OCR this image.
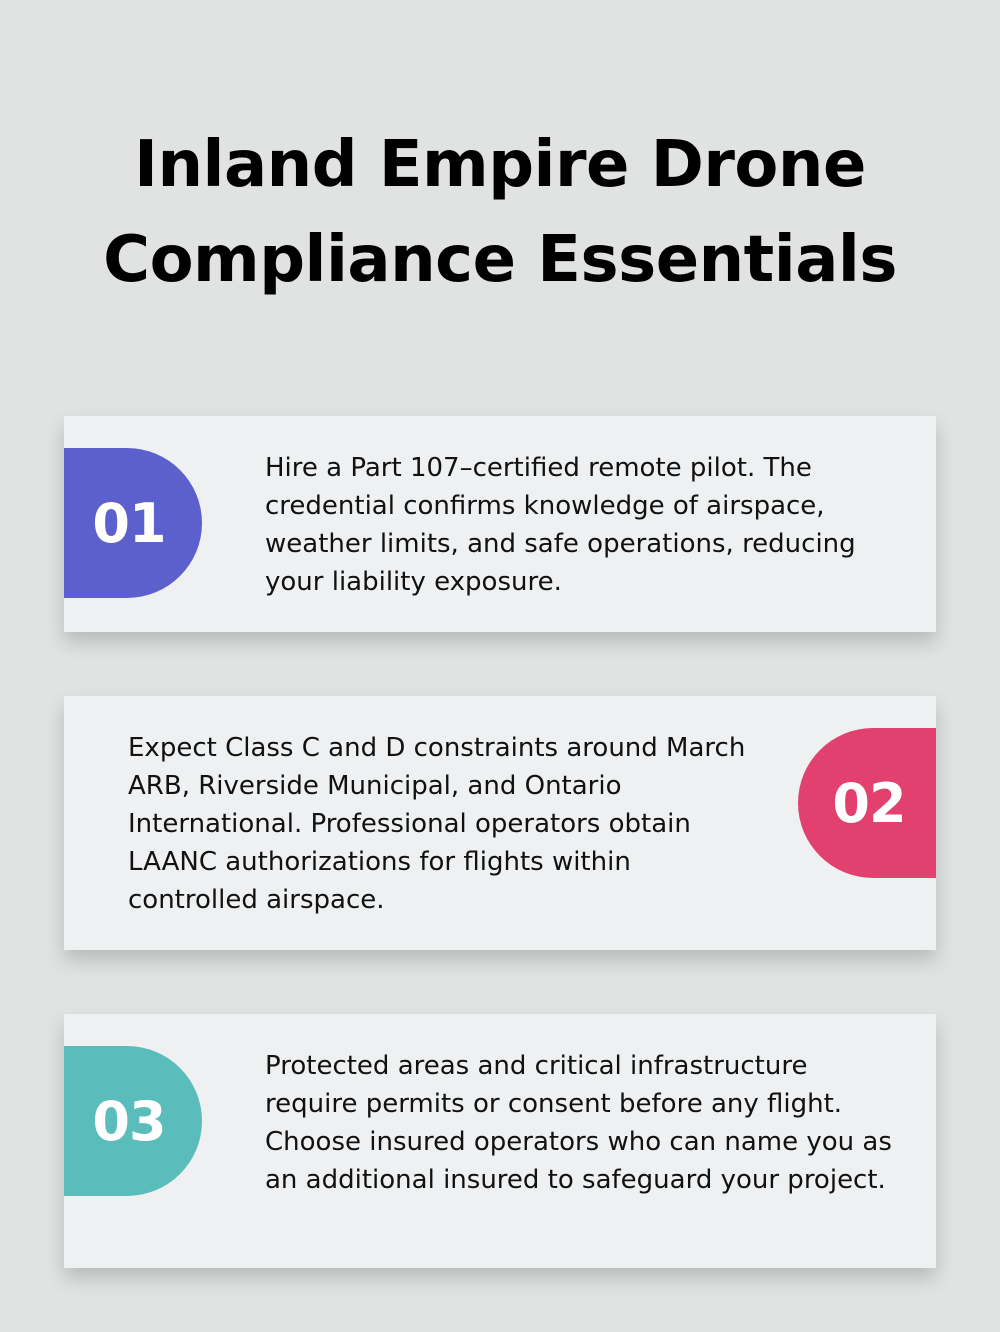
Inland Empire Drone Compliance Essentials
01

Hire a Part 107–certified remote pilot. The credential confirms knowledge of airspace, weather limits, and safe operations, reducing your liability exposure.

Expect Class C and D constraints around March ARB, Riverside Municipal, and Ontario International. Professional operators obtain LAANC authorizations for flights within controlled airspace.

02
03

Protected areas and critical infrastructure require permits or consent before any flight. Choose insured operators who can name you as an additional insured to safeguard your project.
